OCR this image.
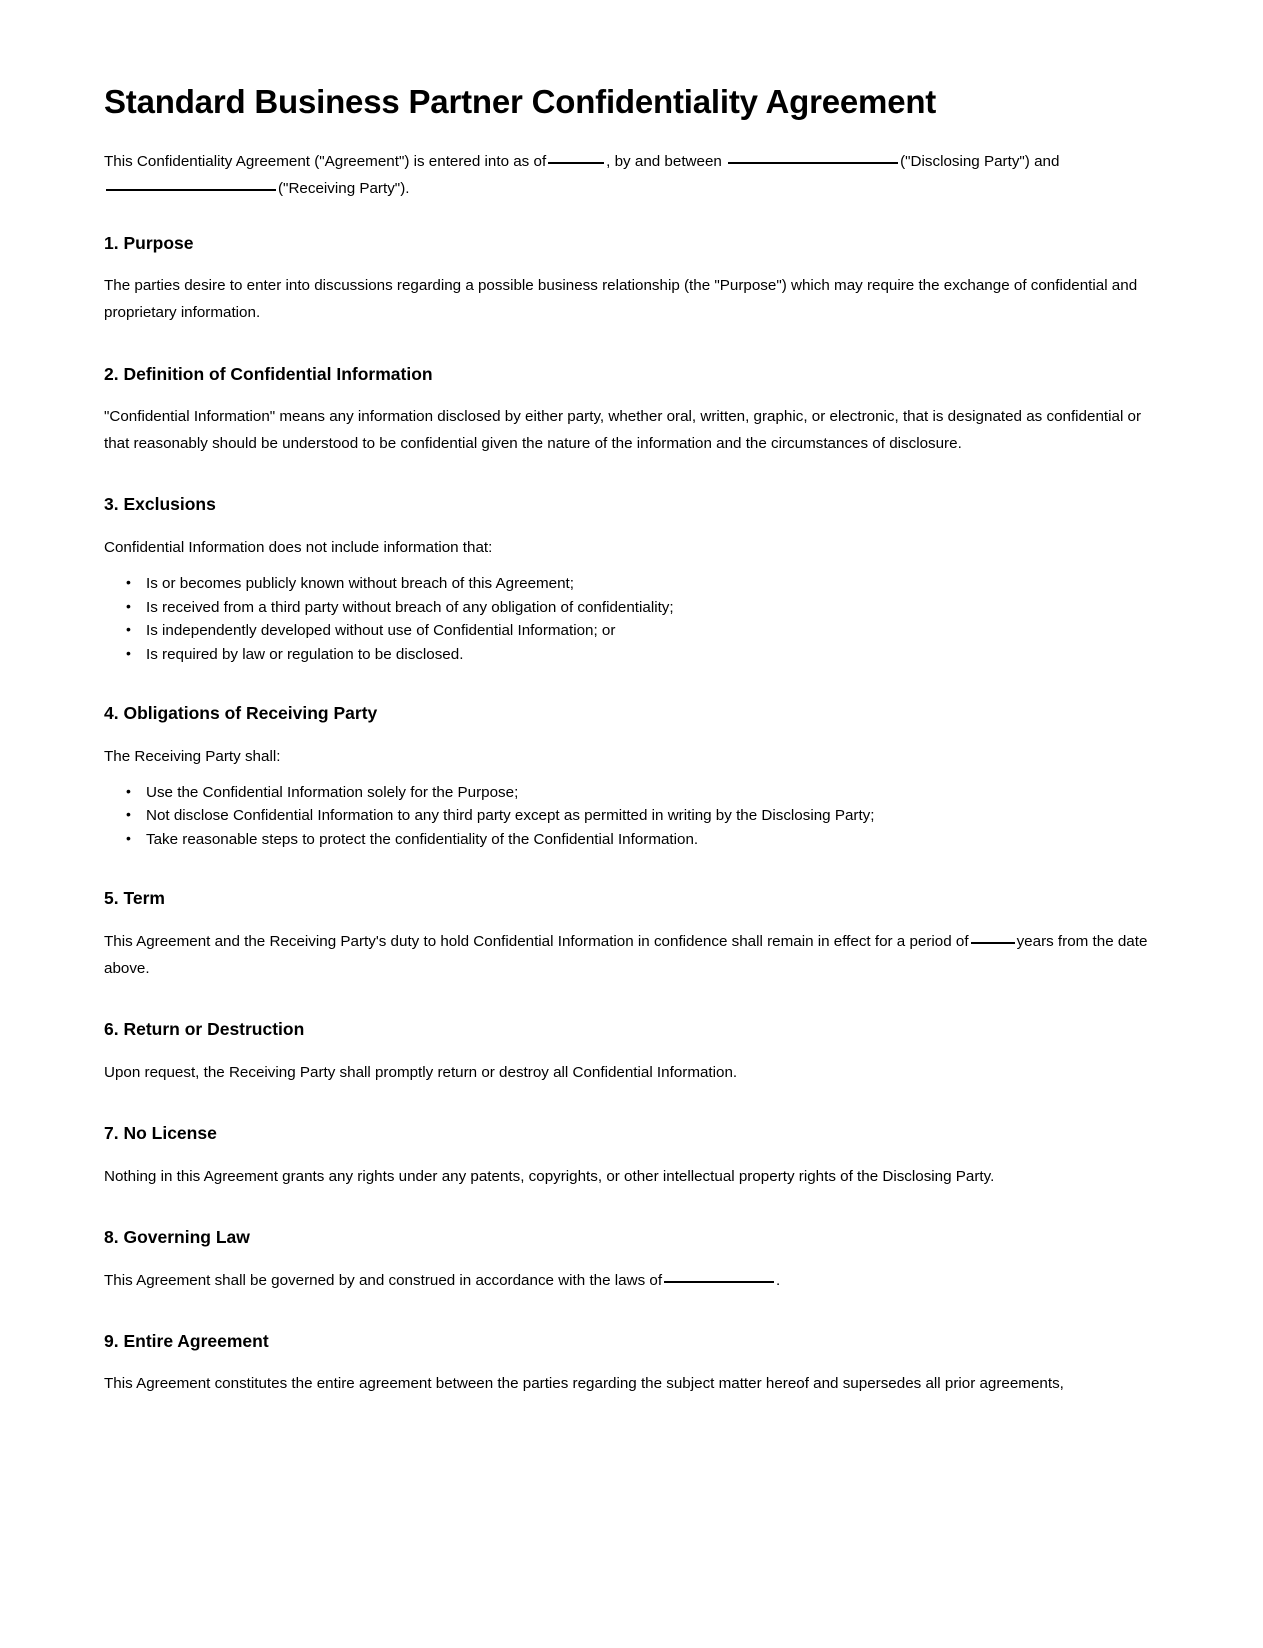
Standard Business Partner Confidentiality Agreement

This Confidentiality Agreement ("Agreement") is entered into as of	, by and between	("Disclosing Party") and ("Receiving Party").

1. Purpose

The parties desire to enter into discussions regarding a possible business relationship (the "Purpose") which may require the exchange of confidential and proprietary information.

2. Definition of Confidential Information

"Confidential Information" means any information disclosed by either party, whether oral, written, graphic, or electronic, that is designated as confidential or that reasonably should be understood to be confidential given the nature of the information and the circumstances of disclosure.

3. Exclusions

Confidential Information does not include information that:

• Is or becomes publicly known without breach of this Agreement;
• Is received from a third party without breach of any obligation of confidentiality;
• Is independently developed without use of Confidential Information; or
• Is required by law or regulation to be disclosed.
4. Obligations of Receiving Party

The Receiving Party shall:

• Use the Confidential Information solely for the Purpose;
• Not disclose Confidential Information to any third party except as permitted in writing by the Disclosing Party;
• Take reasonable steps to protect the confidentiality of the Confidential Information.
5. Term

This Agreement and the Receiving Party's duty to hold Confidential Information in confidence shall remain in effect for a period of	years from the date above.

6. Return or Destruction

Upon request, the Receiving Party shall promptly return or destroy all Confidential Information.

7. No License

Nothing in this Agreement grants any rights under any patents, copyrights, or other intellectual property rights of the Disclosing Party.

8. Governing Law

This Agreement shall be governed by and construed in accordance with the laws of	.

9. Entire Agreement

This Agreement constitutes the entire agreement between the parties regarding the subject matter hereof and supersedes all prior agreements,
